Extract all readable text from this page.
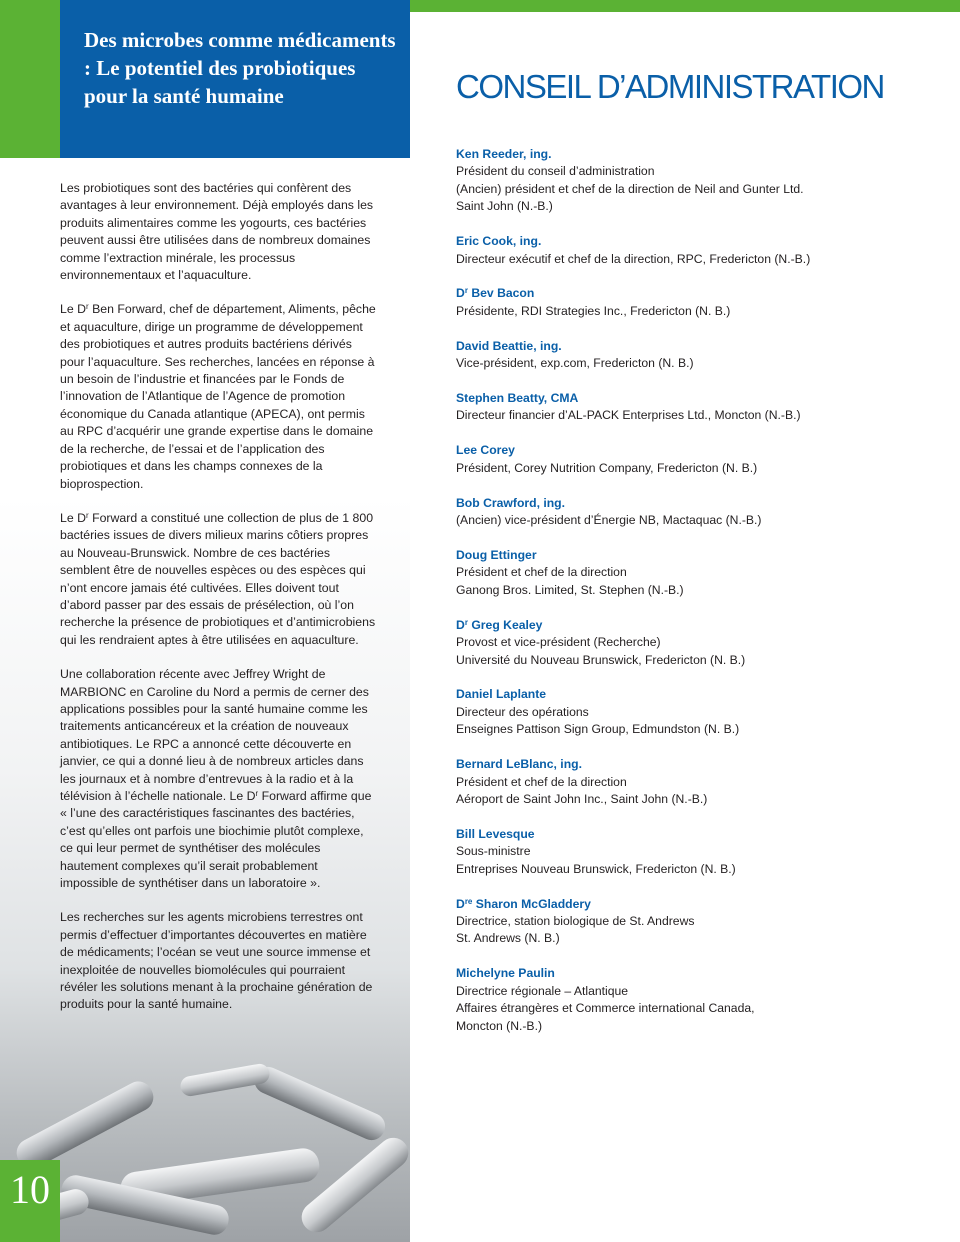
Des microbes comme médicaments : Le potentiel des probiotiques pour la santé humaine
10

Les probiotiques sont des bactéries qui confèrent des avantages à leur environnement. Déjà employés dans les produits alimentaires comme les yogourts, ces bactéries peuvent aussi être utilisées dans de nombreux domaines comme l’extraction minérale, les processus environnementaux et l’aquaculture.

Le $D^r$ Ben Forward, chef de département, Aliments, pêche et aquaculture, dirige un programme de développement des probiotiques et autres produits bactériens dérivés pour l’aquaculture. Ses recherches, lancées en réponse à un besoin de l’industrie et financées par le Fonds de l’innovation de l’Atlantique de l’Agence de promotion économique du Canada atlantique (APECA), ont permis au RPC d’acquérir une grande expertise dans le domaine de la recherche, de l’essai et de l’application des probiotiques et dans les champs connexes de la bioprospection.

Le $D^r$ Forward a constitué une collection de plus de 1 800 bactéries issues de divers milieux marins côtiers propres au Nouveau-Brunswick. Nombre de ces bactéries semblent être de nouvelles espèces ou des espèces qui n’ont encore jamais été cultivées. Elles doivent tout d’abord passer par des essais de présélection, où l’on recherche la présence de probiotiques et d’antimicrobiens qui les rendraient aptes à être utilisées en aquaculture.

Une collaboration récente avec Jeffrey Wright de MARBIONC en Caroline du Nord a permis de cerner des applications possibles pour la santé humaine comme les traitements anticancéreux et la création de nouveaux antibiotiques. Le RPC a annoncé cette découverte en janvier, ce qui a donné lieu à de nombreux articles dans les journaux et à nombre d’entrevues à la radio et à la télévision à l’échelle nationale. Le $D^r$ Forward affirme que « l’une des caractéristiques fascinantes des bactéries, c’est qu’elles ont parfois une biochimie plutôt complexe, ce qui leur permet de synthétiser des molécules hautement complexes qu’il serait probablement impossible de synthétiser dans un laboratoire ».

Les recherches sur les agents microbiens terrestres ont permis d’effectuer d’importantes découvertes en matière de médicaments; l’océan se veut une source immense et inexploitée de nouvelles biomolécules qui pourraient révéler les solutions menant à la prochaine génération de produits pour la santé humaine.

CONSEIL D’ADMINISTRATION
Ken Reeder, ing.
Président du conseil d’administration
(Ancien) président et chef de la direction de Neil and Gunter Ltd.
Saint John (N.-B.)
Eric Cook, ing.
Directeur exécutif et chef de la direction, RPC, Fredericton (N.-B.)
$D^r$ Bev Bacon
Présidente, RDI Strategies Inc., Fredericton (N. B.)
David Beattie, ing.
Vice-président, exp.com, Fredericton (N. B.)
Stephen Beatty, CMA
Directeur financier d’AL-PACK Enterprises Ltd., Moncton (N.-B.)
Lee Corey
Président, Corey Nutrition Company, Fredericton (N. B.)
Bob Crawford, ing.
(Ancien) vice-président d’Énergie NB, Mactaquac (N.-B.)
Doug Ettinger
Président et chef de la direction
Ganong Bros. Limited, St. Stephen (N.-B.)
$D^r$ Greg Kealey
Provost et vice-président (Recherche)
Université du Nouveau Brunswick, Fredericton (N. B.)
Daniel Laplante
Directeur des opérations
Enseignes Pattison Sign Group, Edmundston (N. B.)
Bernard LeBlanc, ing.
Président et chef de la direction
Aéroport de Saint John Inc., Saint John (N.-B.)
Bill Levesque
Sous-ministre
Entreprises Nouveau Brunswick, Fredericton (N. B.)
Dre Sharon McGladdery
Directrice, station biologique de St. Andrews
St. Andrews (N. B.)
Michelyne Paulin
Directrice régionale – Atlantique
Affaires étrangères et Commerce international Canada,
Moncton (N.-B.)
